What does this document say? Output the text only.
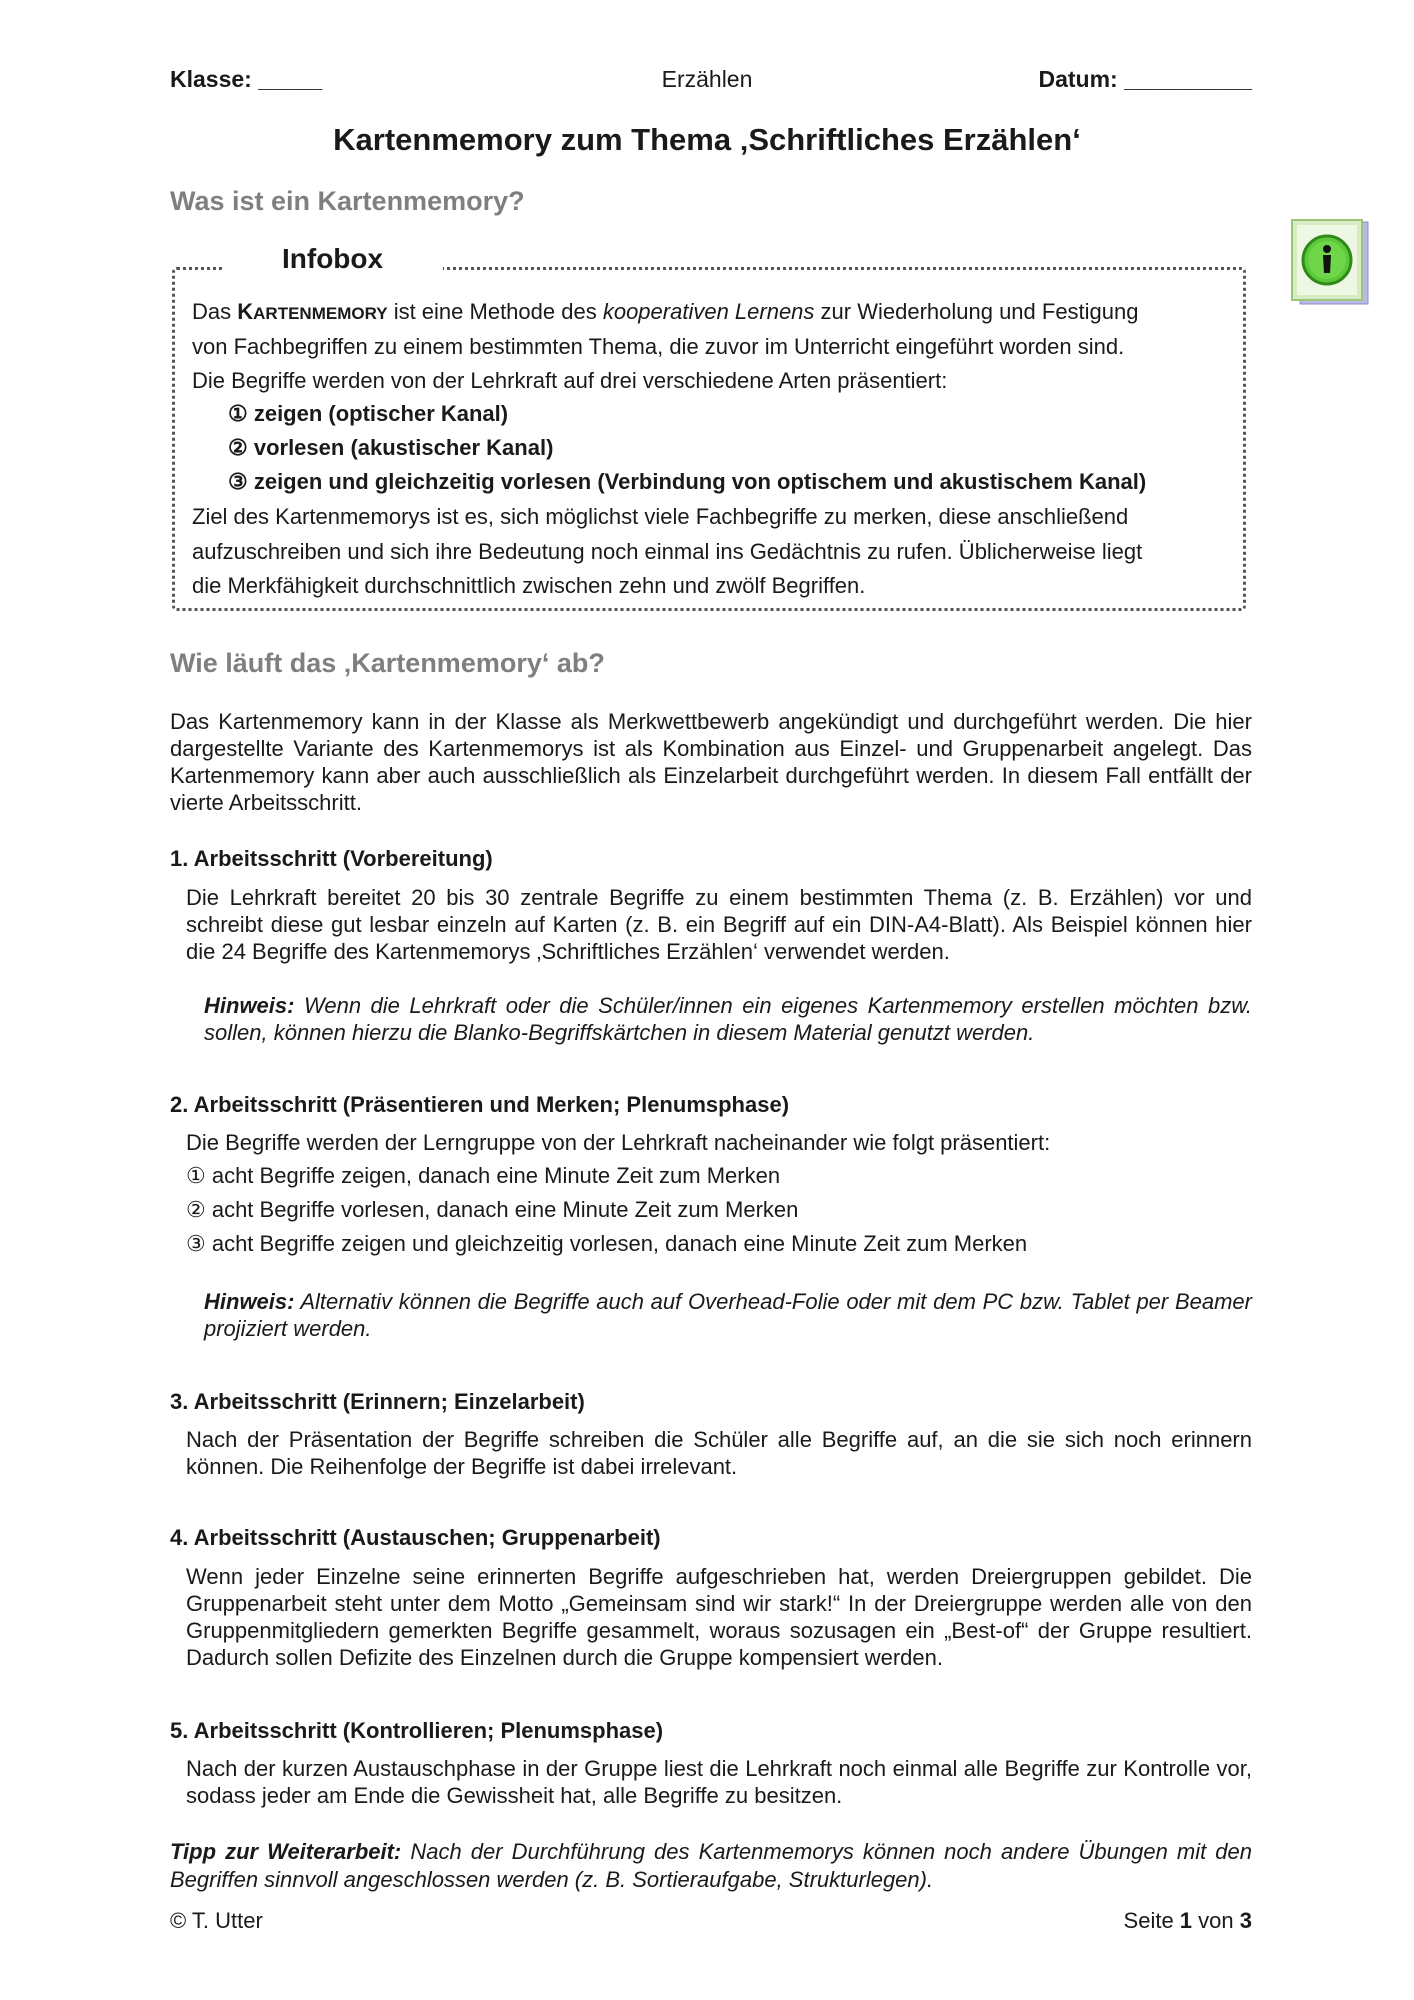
Klasse: _____	Erzählen	Datum: __________
Kartenmemory zum Thema ‚Schriftliches Erzählen‘
Was ist ein Kartenmemory?
Infobox
Das KARTENMEMORY ist eine Methode des kooperativen Lernens zur Wiederholung und Festigung
von Fachbegriffen zu einem bestimmten Thema, die zuvor im Unterricht eingeführt worden sind.
Die Begriffe werden von der Lehrkraft auf drei verschiedene Arten präsentiert:
① zeigen (optischer Kanal)
② vorlesen (akustischer Kanal)
③ zeigen und gleichzeitig vorlesen (Verbindung von optischem und akustischem Kanal)
Ziel des Kartenmemorys ist es, sich möglichst viele Fachbegriffe zu merken, diese anschließend
aufzuschreiben und sich ihre Bedeutung noch einmal ins Gedächtnis zu rufen. Üblicherweise liegt
die Merkfähigkeit durchschnittlich zwischen zehn und zwölf Begriffen.
Wie läuft das ‚Kartenmemory‘ ab?
Das Kartenmemory kann in der Klasse als Merkwettbewerb angekündigt und durchgeführt werden. Die hier dargestellte Variante des Kartenmemorys ist als Kombination aus Einzel- und Gruppenarbeit angelegt. Das Kartenmemory kann aber auch ausschließlich als Einzelarbeit durchgeführt werden. In diesem Fall entfällt der vierte Arbeitsschritt.
1. Arbeitsschritt (Vorbereitung)
Die Lehrkraft bereitet 20 bis 30 zentrale Begriffe zu einem bestimmten Thema (z. B. Erzählen) vor und schreibt diese gut lesbar einzeln auf Karten (z. B. ein Begriff auf ein DIN-A4-Blatt). Als Beispiel können hier die 24 Begriffe des Kartenmemorys ‚Schriftliches Erzählen‘ verwendet werden.
Hinweis: Wenn die Lehrkraft oder die Schüler/innen ein eigenes Kartenmemory erstellen möchten bzw. sollen, können hierzu die Blanko-Begriffskärtchen in diesem Material genutzt werden.
2. Arbeitsschritt (Präsentieren und Merken; Plenumsphase)
Die Begriffe werden der Lerngruppe von der Lehrkraft nacheinander wie folgt präsentiert:
① acht Begriffe zeigen, danach eine Minute Zeit zum Merken
② acht Begriffe vorlesen, danach eine Minute Zeit zum Merken
③ acht Begriffe zeigen und gleichzeitig vorlesen, danach eine Minute Zeit zum Merken
Hinweis: Alternativ können die Begriffe auch auf Overhead-Folie oder mit dem PC bzw. Tablet per Beamer projiziert werden.
3. Arbeitsschritt (Erinnern; Einzelarbeit)
Nach der Präsentation der Begriffe schreiben die Schüler alle Begriffe auf, an die sie sich noch erinnern können. Die Reihenfolge der Begriffe ist dabei irrelevant.
4. Arbeitsschritt (Austauschen; Gruppenarbeit)
Wenn jeder Einzelne seine erinnerten Begriffe aufgeschrieben hat, werden Dreiergruppen gebildet. Die Gruppenarbeit steht unter dem Motto „Gemeinsam sind wir stark!“ In der Dreiergruppe werden alle von den Gruppenmitgliedern gemerkten Begriffe gesammelt, woraus sozusagen ein „Best-of“ der Gruppe resultiert. Dadurch sollen Defizite des Einzelnen durch die Gruppe kompensiert werden.
5. Arbeitsschritt (Kontrollieren; Plenumsphase)
Nach der kurzen Austauschphase in der Gruppe liest die Lehrkraft noch einmal alle Begriffe zur Kontrolle vor, sodass jeder am Ende die Gewissheit hat, alle Begriffe zu besitzen.
Tipp zur Weiterarbeit: Nach der Durchführung des Kartenmemorys können noch andere Übungen mit den Begriffen sinnvoll angeschlossen werden (z. B. Sortieraufgabe, Strukturlegen).
© T. Utter	Seite 1 von 3
